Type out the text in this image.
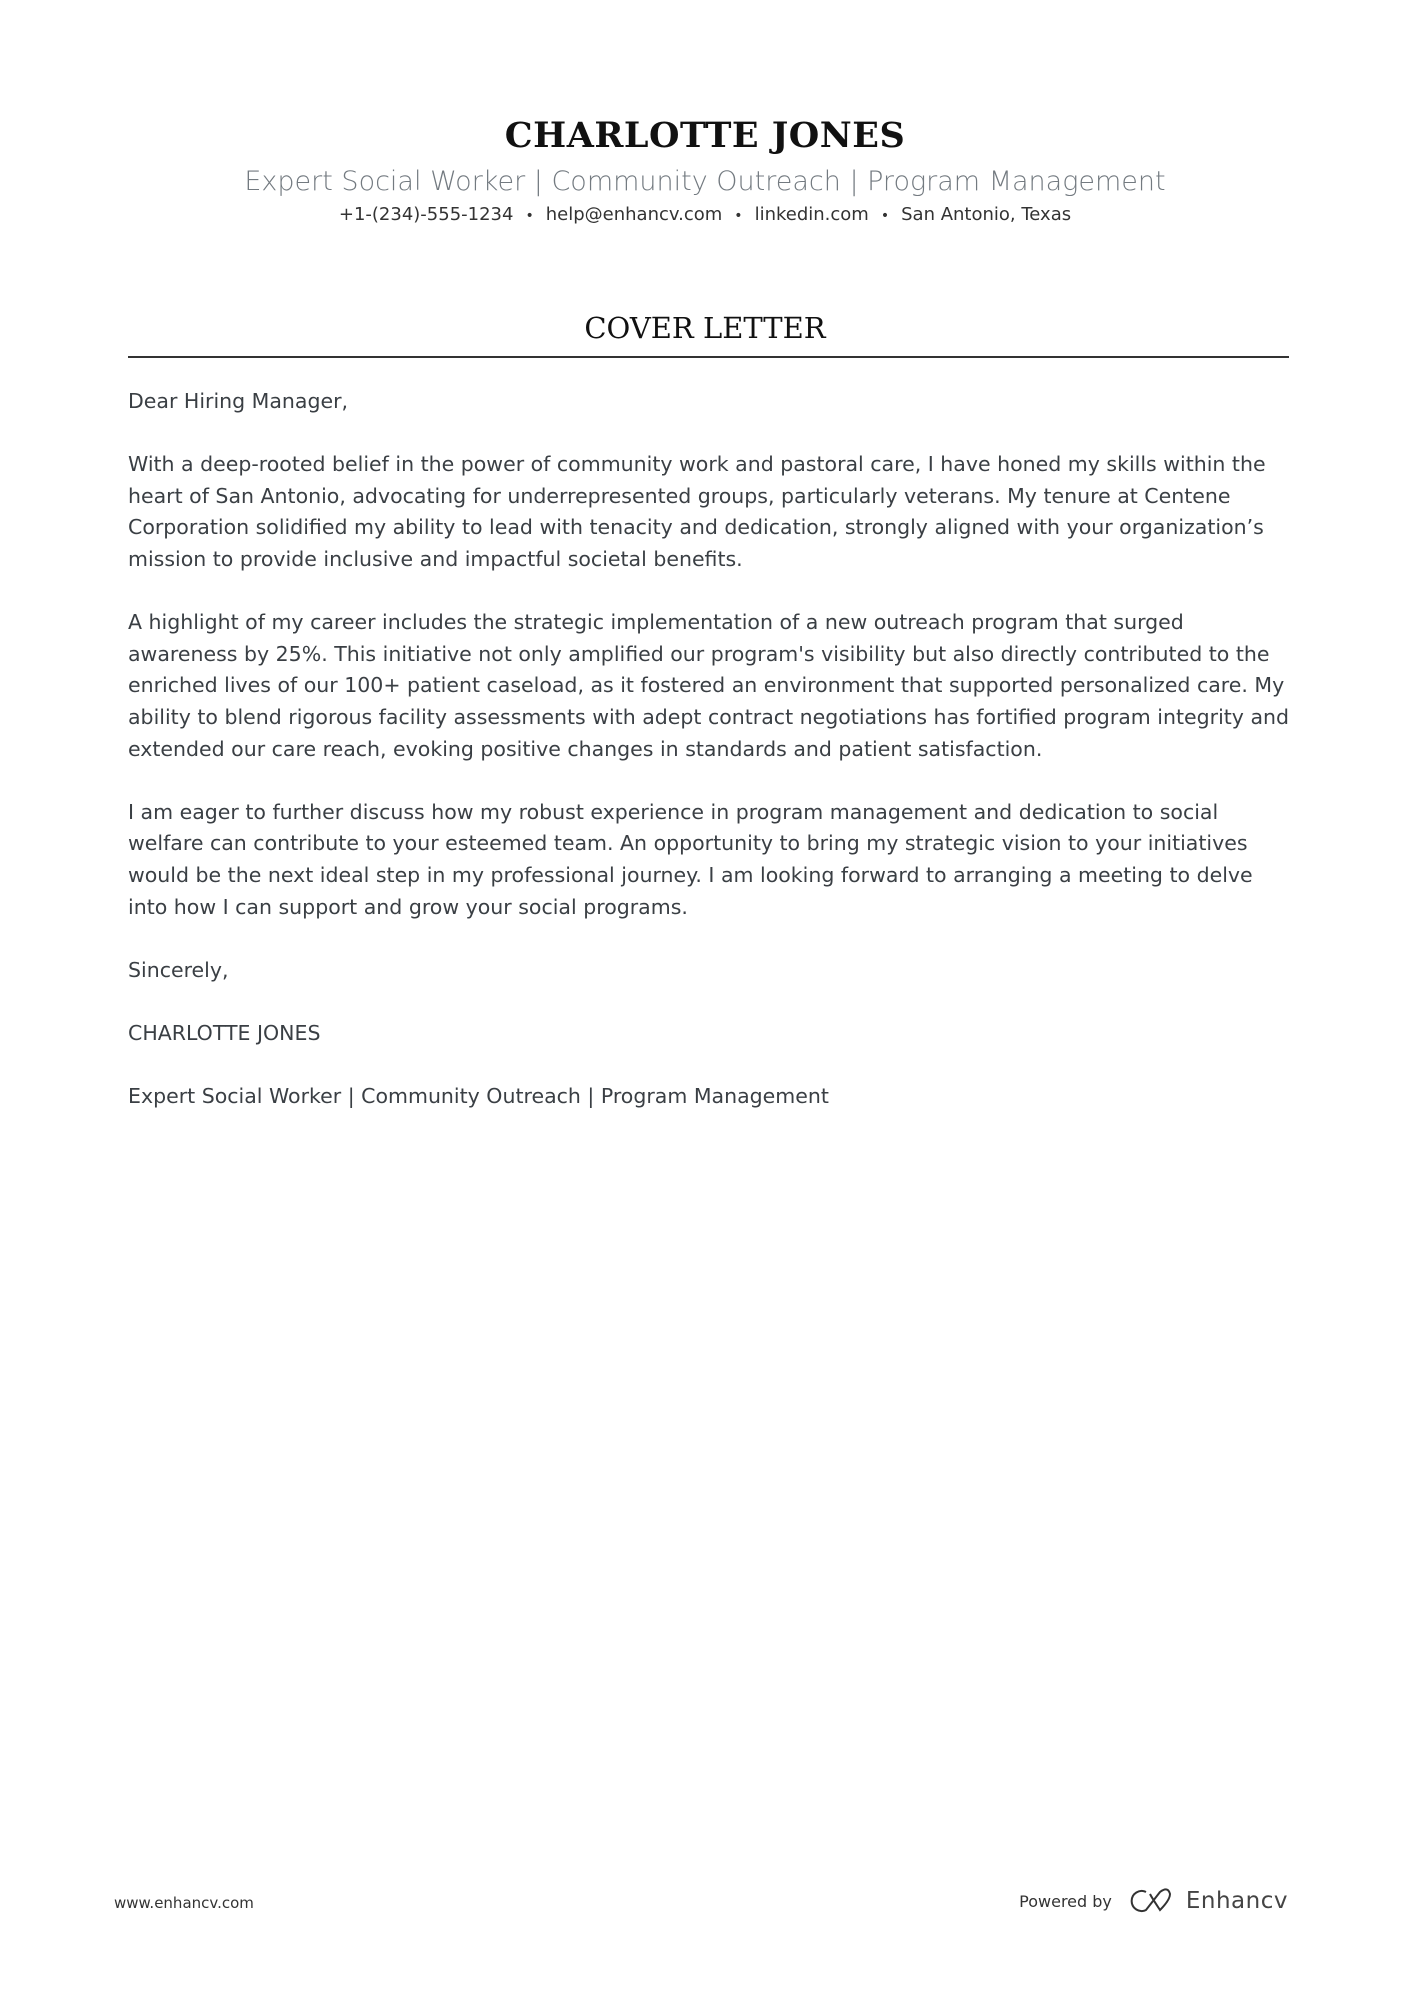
CHARLOTTE JONES
Expert Social Worker | Community Outreach | Program Management
+1-(234)-555-1234 • help@enhancv.com • linkedin.com • San Antonio, Texas
COVER LETTER

Dear Hiring Manager,

With a deep-rooted belief in the power of community work and pastoral care, I have honed my skills within the heart of San Antonio, advocating for underrepresented groups, particularly veterans. My tenure at Centene Corporation solidified my ability to lead with tenacity and dedication, strongly aligned with your organization’s mission to provide inclusive and impactful societal benefits.

A highlight of my career includes the strategic implementation of a new outreach program that surged awareness by 25%. This initiative not only amplified our program's visibility but also directly contributed to the enriched lives of our 100+ patient caseload, as it fostered an environment that supported personalized care. My ability to blend rigorous facility assessments with adept contract negotiations has fortified program integrity and extended our care reach, evoking positive changes in standards and patient satisfaction.

I am eager to further discuss how my robust experience in program management and dedication to social welfare can contribute to your esteemed team. An opportunity to bring my strategic vision to your initiatives would be the next ideal step in my professional journey. I am looking forward to arranging a meeting to delve into how I can support and grow your social programs.

Sincerely,

CHARLOTTE JONES

Expert Social Worker | Community Outreach | Program Management

www.enhancv.com	Powered by	Enhancv
